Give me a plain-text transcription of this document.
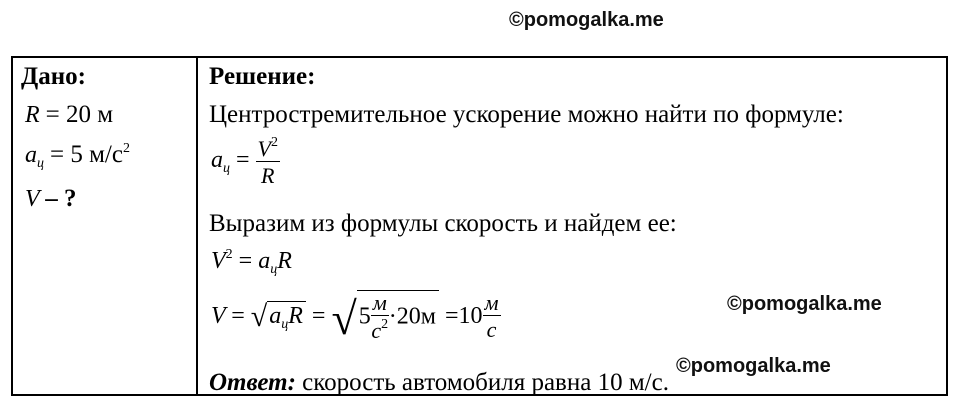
©pomogalka.me
Дано:
R = 20 м
$a_ц = 5$ $м/с^2$
V – ?
Решение:
Центростремительное ускорение можно найти по формуле:
$a_ц = \frac{V^2}{R}$
Выразим из формулы скорость и найдем ее:
$V^2 = a_цR$
$V = √a_цR = √5 \frac{м}{c^2} \cdot 20м =10 \frac{м}{c}$
Ответ: скорость автомобиля равна 10 м/с.
©pomogalka.me
©pomogalka.me
